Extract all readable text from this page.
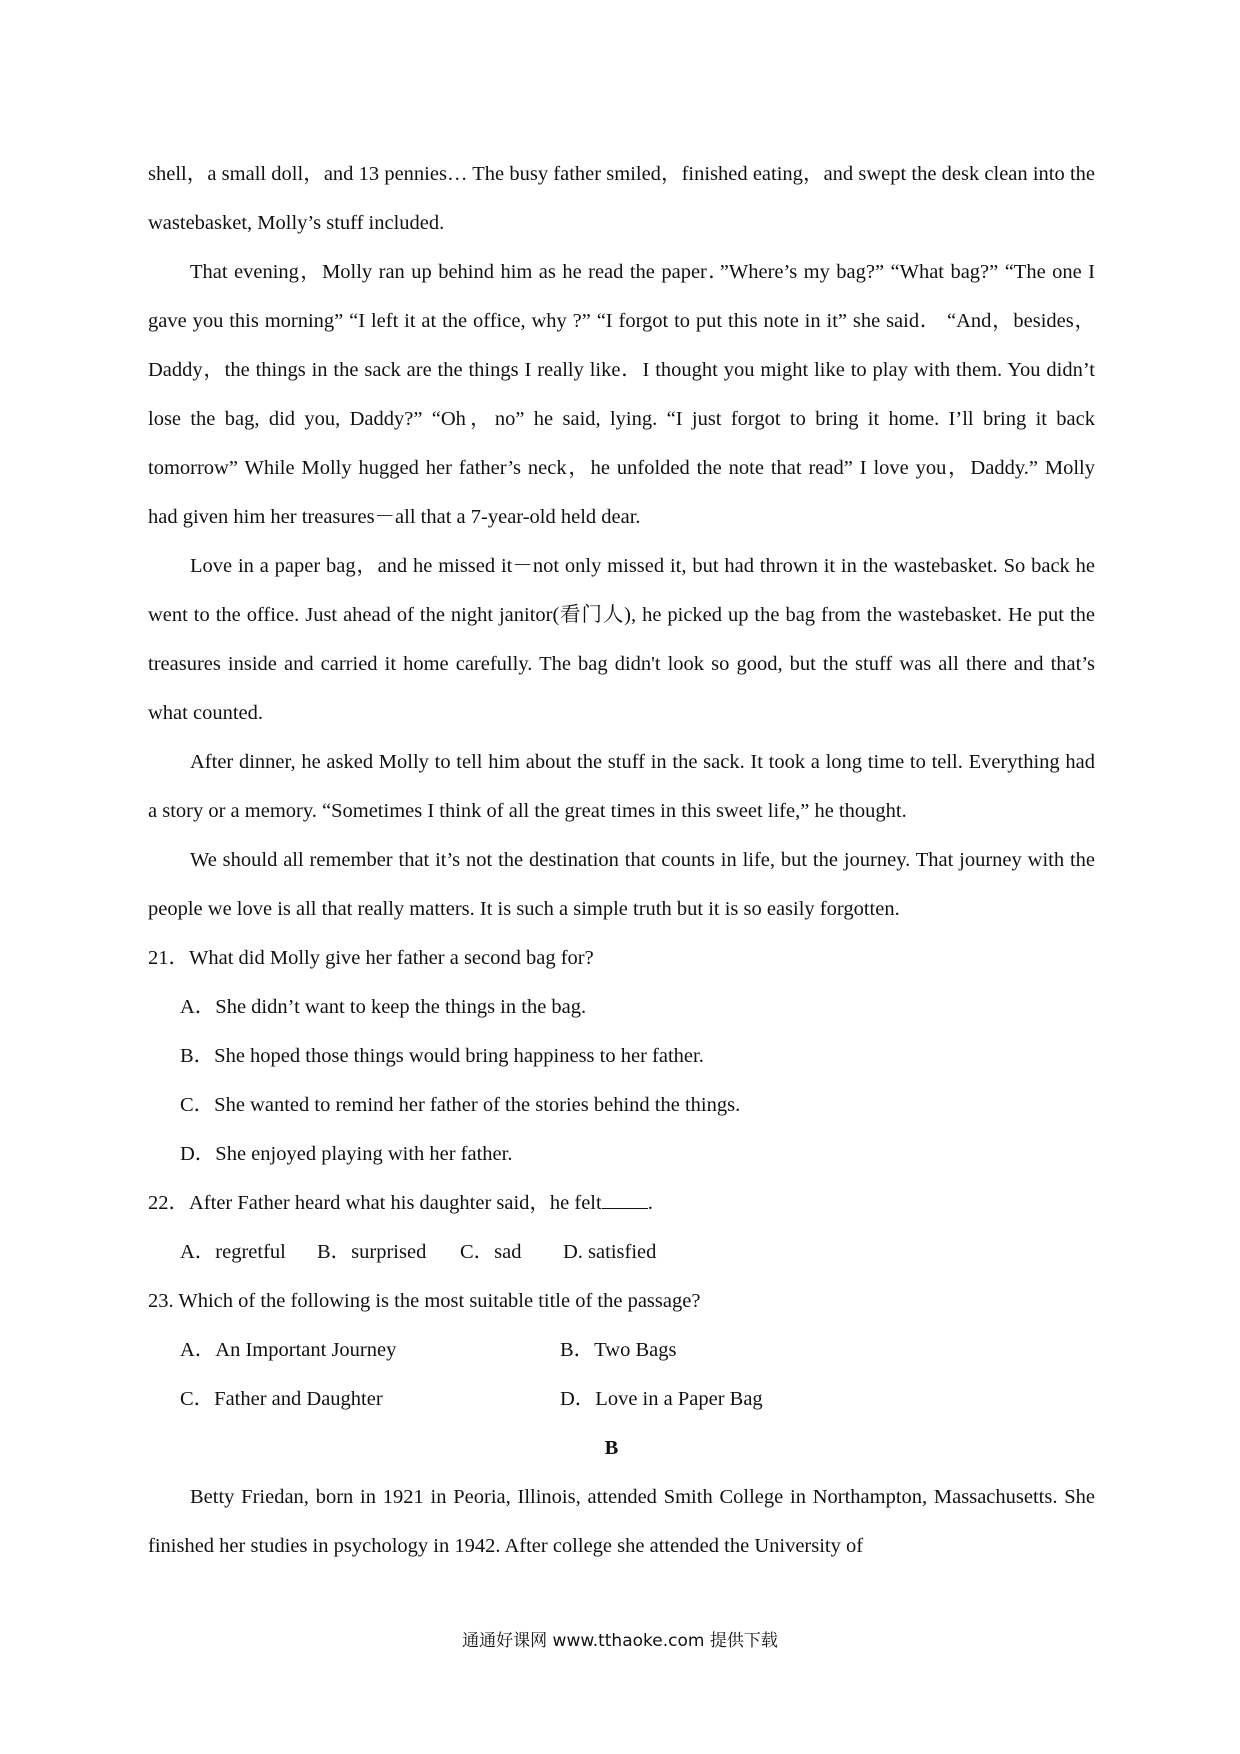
shell，a small doll，and 13 pennies… The busy father smiled，finished eating，and swept the desk clean into the wastebasket, Molly’s stuff included.

That evening，Molly ran up behind him as he read the paper．”Where’s my bag?” “What bag?” “The one I gave you this morning” “I left it at the office, why ?” “I forgot to put this note in it” she said． “And，besides，Daddy，the things in the sack are the things I really like．I thought you might like to play with them. You didn’t lose the bag, did you, Daddy?” “Oh，no” he said, lying. “I just forgot to bring it home. I’ll bring it back tomorrow” While Molly hugged her father’s neck，he unfolded the note that read” I love you，Daddy.” Molly had given him her treasures－all that a 7-year-old held dear.

Love in a paper bag，and he missed it－not only missed it, but had thrown it in the wastebasket. So back he went to the office. Just ahead of the night janitor(看门人), he picked up the bag from the wastebasket. He put the treasures inside and carried it home carefully. The bag didn't look so good, but the stuff was all there and that’s what counted.

After dinner, he asked Molly to tell him about the stuff in the sack. It took a long time to tell. Everything had a story or a memory. “Sometimes I think of all the great times in this sweet life,” he thought.

We should all remember that it’s not the destination that counts in life, but the journey. That journey with the people we love is all that really matters. It is such a simple truth but it is so easily forgotten.

21．What did Molly give her father a second bag for?
A．She didn’t want to keep the things in the bag.
B．She hoped those things would bring happiness to her father.
C．She wanted to remind her father of the stories behind the things.
D．She enjoyed playing with her father.
22．After Father heard what his daughter said，he felt .
A．regretful B．surprised C．sad D. satisfied
23. Which of the following is the most suitable title of the passage?
A．An Important Journey	B．Two Bags
C．Father and Daughter	D．Love in a Paper Bag
B

Betty Friedan, born in 1921 in Peoria, Illinois, attended Smith College in Northampton, Massachusetts. She finished her studies in psychology in 1942. After college she attended the University of

通通好课网 www.tthaoke.com 提供下载
